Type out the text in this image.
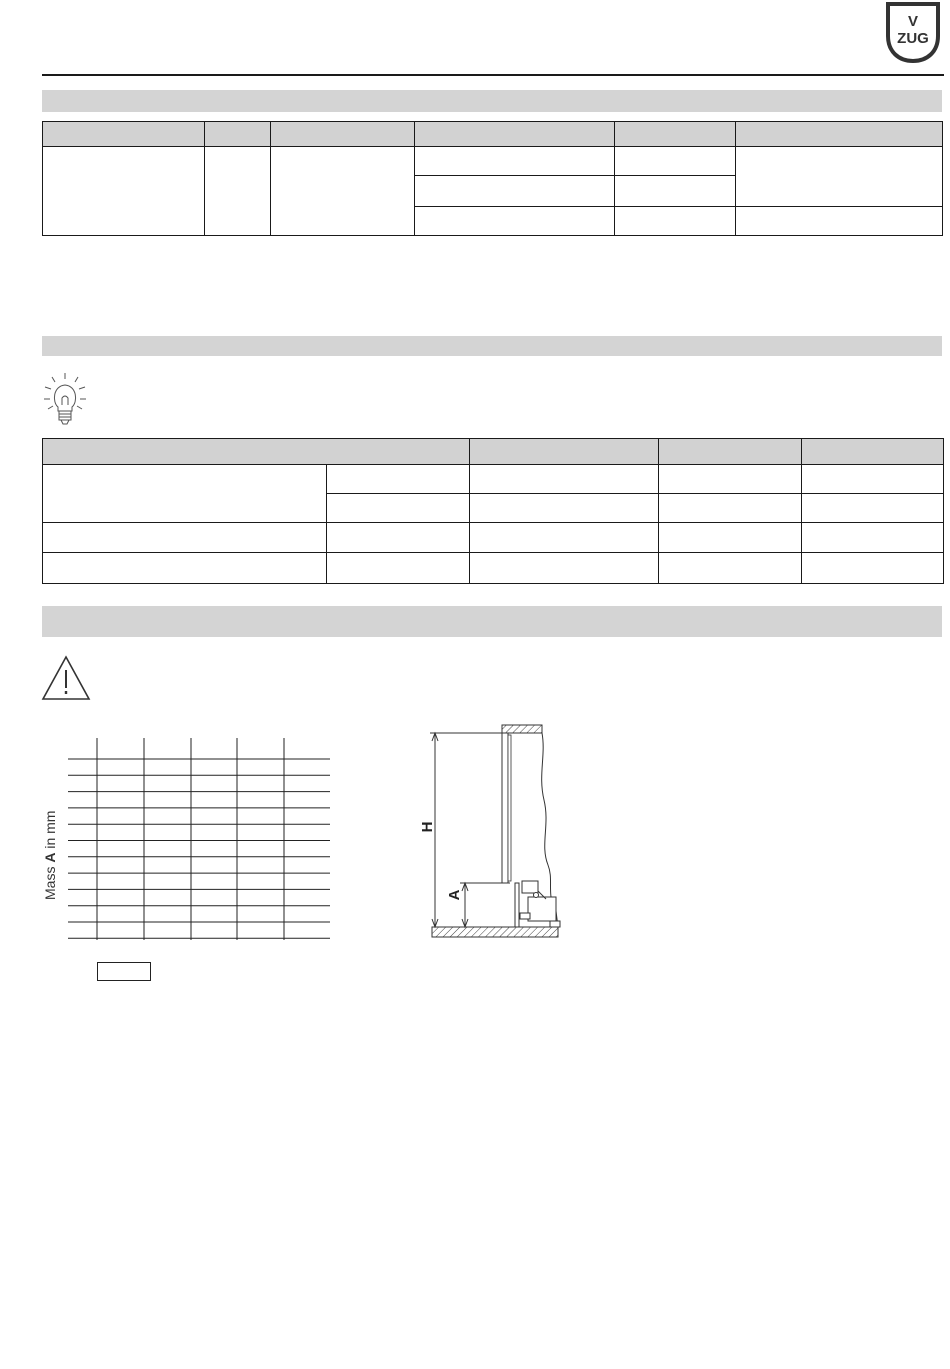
V
ZUG

Mass A in mm	H
A
